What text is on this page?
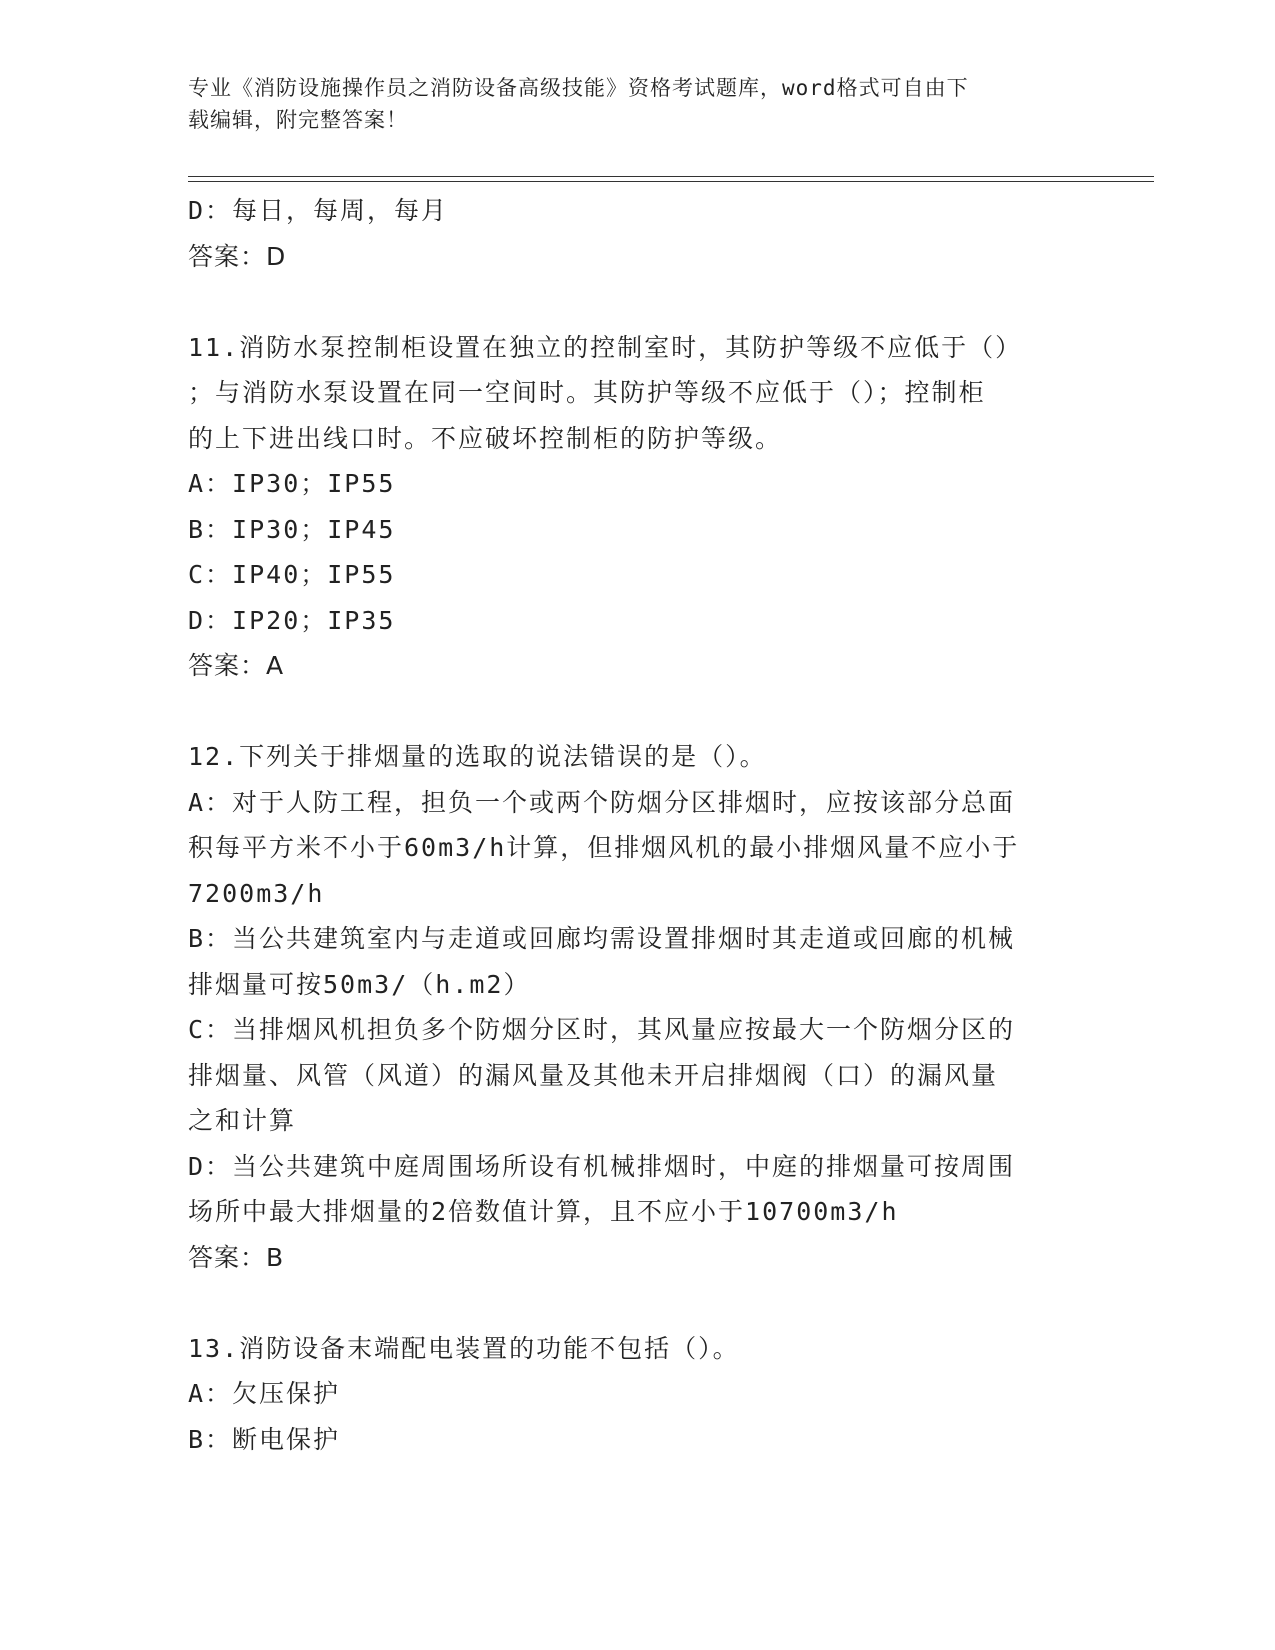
专业《消防设施操作员之消防设备高级技能》资格考试题库，word格式可自由下
载编辑，附完整答案！
D：每日，每周，每月
答案：D
11.消防水泵控制柜设置在独立的控制室时，其防护等级不应低于（）
；与消防水泵设置在同一空间时。其防护等级不应低于（）；控制柜
的上下进出线口时。不应破坏控制柜的防护等级。
A：IP30；IP55
B：IP30；IP45
C：IP40；IP55
D：IP20；IP35
答案：A
12.下列关于排烟量的选取的说法错误的是（）。
A：对于人防工程，担负一个或两个防烟分区排烟时，应按该部分总面
积每平方米不小于60m3/h计算，但排烟风机的最小排烟风量不应小于
7200m3/h
B：当公共建筑室内与走道或回廊均需设置排烟时其走道或回廊的机械
排烟量可按50m3/（h.m2）
C：当排烟风机担负多个防烟分区时，其风量应按最大一个防烟分区的
排烟量、风管（风道）的漏风量及其他未开启排烟阀（口）的漏风量
之和计算
D：当公共建筑中庭周围场所设有机械排烟时，中庭的排烟量可按周围
场所中最大排烟量的2倍数值计算，且不应小于10700m3/h
答案：B
13.消防设备末端配电装置的功能不包括（）。
A：欠压保护
B：断电保护
